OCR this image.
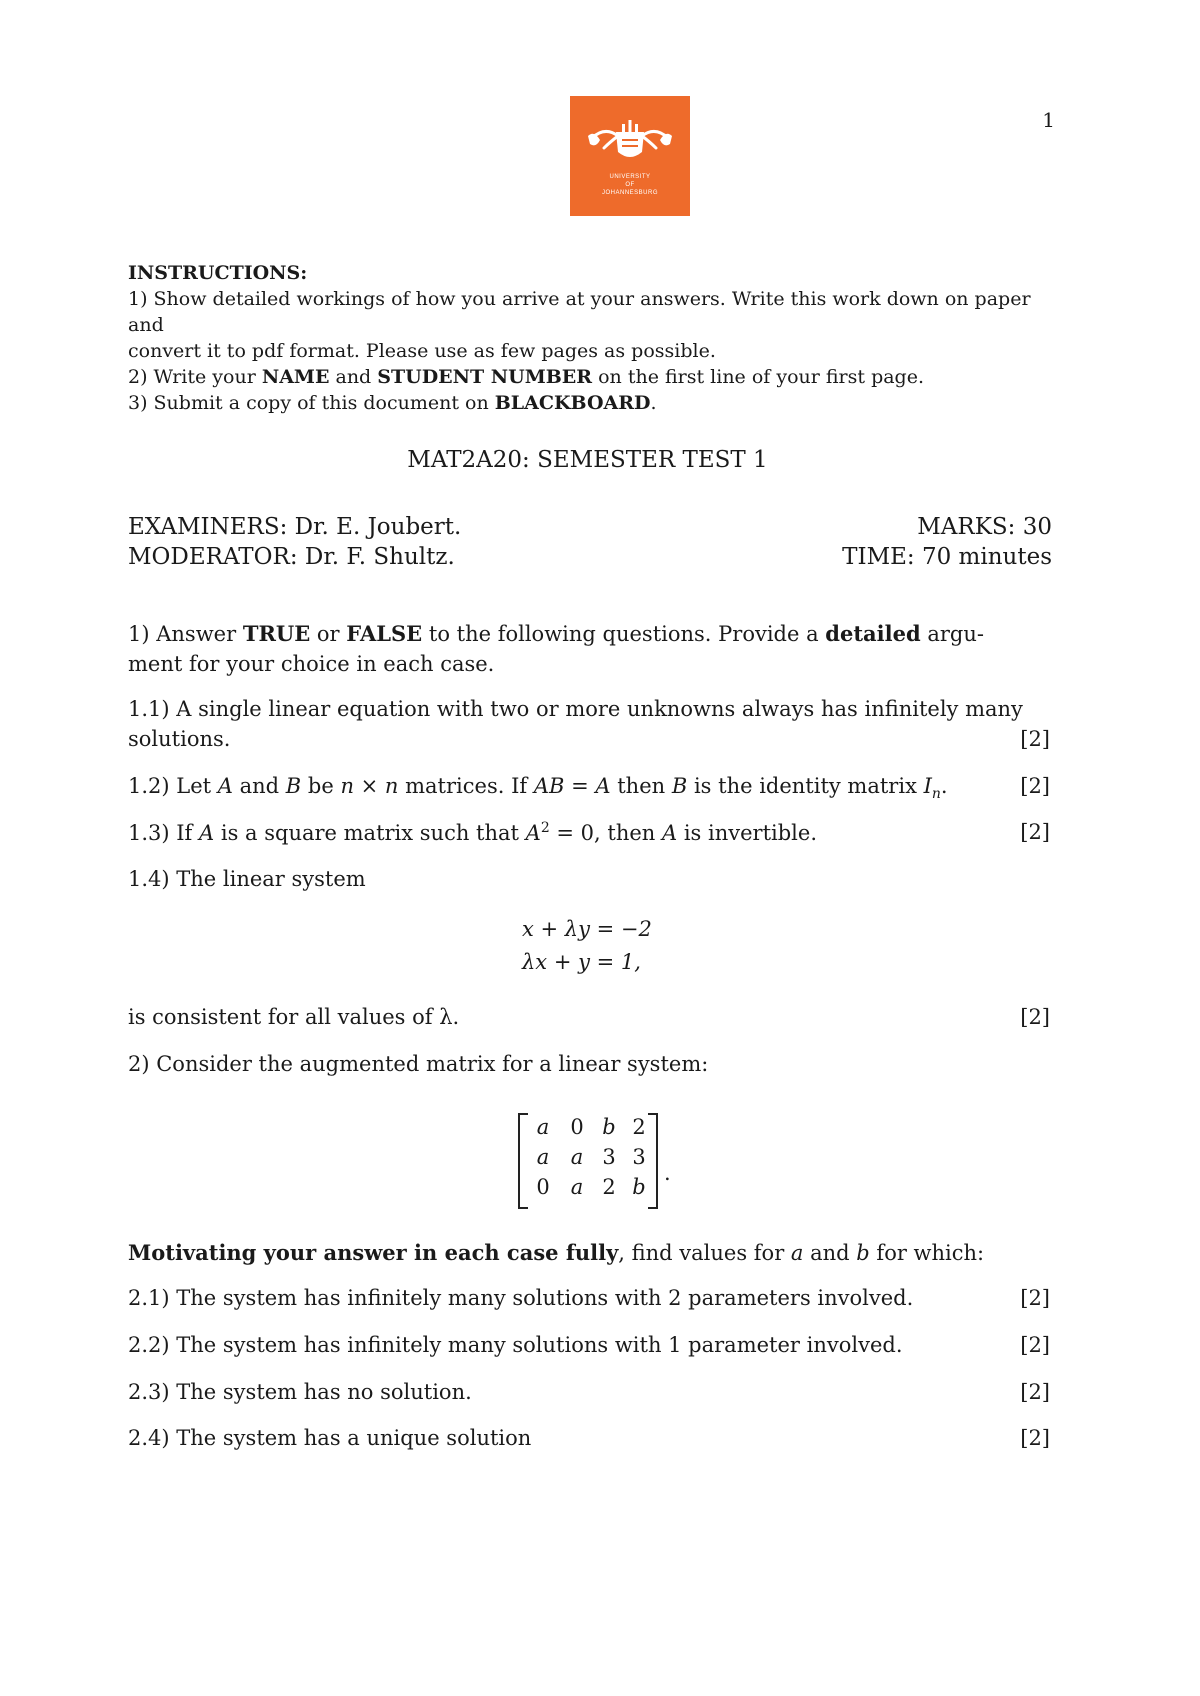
1
UNIVERSITY
OF
JOHANNESBURG
INSTRUCTIONS:
1) Show detailed workings of how you arrive at your answers. Write this work down on paper and
convert it to pdf format. Please use as few pages as possible.
2) Write your NAME and STUDENT NUMBER on the first line of your first page.
3) Submit a copy of this document on BLACKBOARD.
MAT2A20: SEMESTER TEST 1
EXAMINERS: Dr. E. Joubert.
MODERATOR: Dr. F. Shultz.
MARKS: 30
TIME: 70 minutes
1) Answer TRUE or FALSE to the following questions. Provide a detailed argu-
ment for your choice in each case.
1.1) A single linear equation with two or more unknowns always has infinitely many
solutions.	[2]
1.2) Let A and B be n × n matrices. If AB = A then B is the identity matrix $I_n$.	[2]
1.3) If A is a square matrix such that $A^2 = 0$, then A is invertible.	[2]
1.4) The linear system
x + λy = −2
λx + y = 1,
is consistent for all values of λ.	[2]
2) Consider the augmented matrix for a linear system:
a	0 b 2
a	a 3 3
0	a 2 b
.
Motivating your answer in each case fully, find values for a and b for which:
2.1) The system has infinitely many solutions with 2 parameters involved.	[2]
2.2) The system has infinitely many solutions with 1 parameter involved.	[2]
2.3) The system has no solution.	[2]
2.4) The system has a unique solution	[2]
